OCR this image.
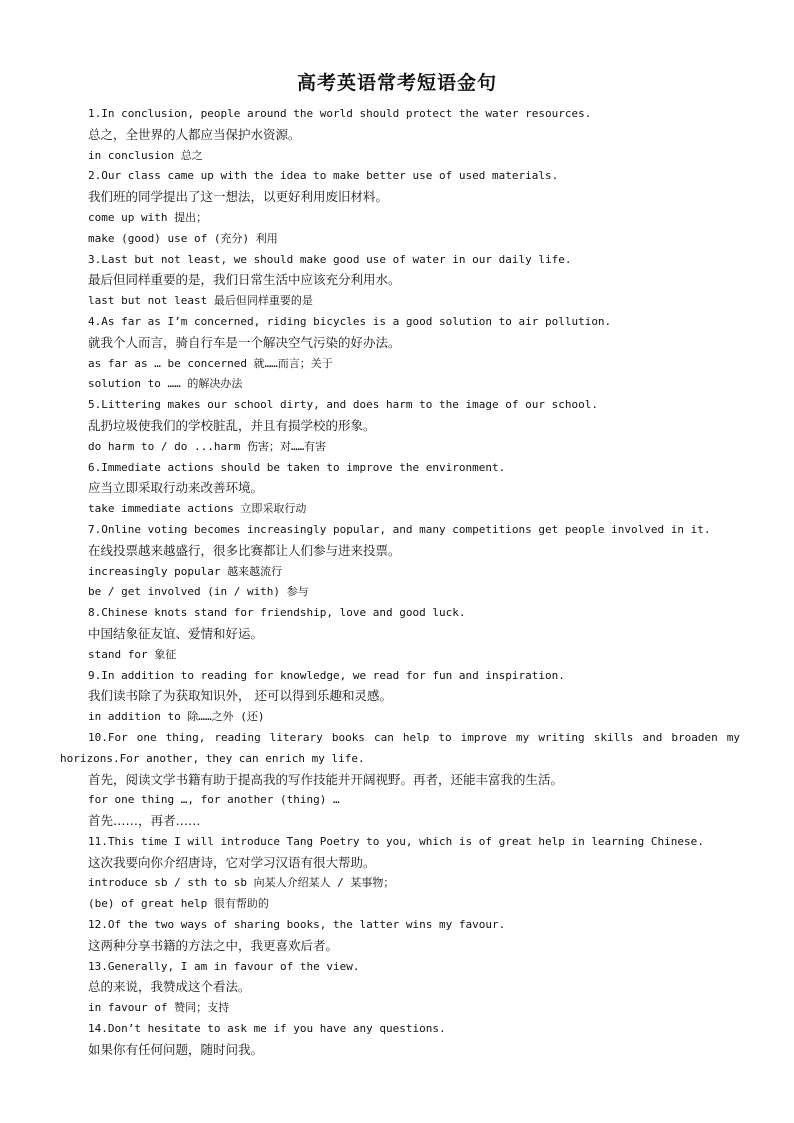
高考英语常考短语金句

1.In conclusion, people around the world should protect the water resources.

总之，全世界的人都应当保护水资源。

in conclusion 总之

2.Our class came up with the idea to make better use of used materials.

我们班的同学提出了这一想法，以更好利用废旧材料。

come up with 提出；

make (good) use of (充分) 利用

3.Last but not least, we should make good use of water in our daily life.

最后但同样重要的是，我们日常生活中应该充分利用水。

last but not least 最后但同样重要的是

4.As far as I’m concerned, riding bicycles is a good solution to air pollution.

就我个人而言，骑自行车是一个解决空气污染的好办法。

as far as … be concerned 就……而言；关于

solution to …… 的解决办法

5.Littering makes our school dirty, and does harm to the image of our school.

乱扔垃圾使我们的学校脏乱，并且有损学校的形象。

do harm to / do ...harm 伤害；对……有害

6.Immediate actions should be taken to improve the environment.

应当立即采取行动来改善环境。

take immediate actions 立即采取行动

7.Online voting becomes increasingly popular, and many competitions get people involved in it.

在线投票越来越盛行，很多比赛都让人们参与进来投票。

increasingly popular 越来越流行

be / get involved (in / with) 参与

8.Chinese knots stand for friendship, love and good luck.

中国结象征友谊、爱情和好运。

stand for 象征

9.In addition to reading for knowledge, we read for fun and inspiration.

我们读书除了为获取知识外， 还可以得到乐趣和灵感。

in addition to 除……之外 (还)

10.For one thing, reading literary books can help to improve my writing skills and broaden my horizons.For another, they can enrich my life.

首先，阅读文学书籍有助于提高我的写作技能并开阔视野。再者，还能丰富我的生活。

for one thing …, for another (thing) …

首先……，再者……

11.This time I will introduce Tang Poetry to you, which is of great help in learning Chinese.

这次我要向你介绍唐诗，它对学习汉语有很大帮助。

introduce sb / sth to sb 向某人介绍某人 / 某事物；

(be) of great help 很有帮助的

12.Of the two ways of sharing books, the latter wins my favour.

这两种分享书籍的方法之中，我更喜欢后者。

13.Generally, I am in favour of the view.

总的来说，我赞成这个看法。

in favour of 赞同；支持

14.Don’t hesitate to ask me if you have any questions.

如果你有任何问题，随时问我。
